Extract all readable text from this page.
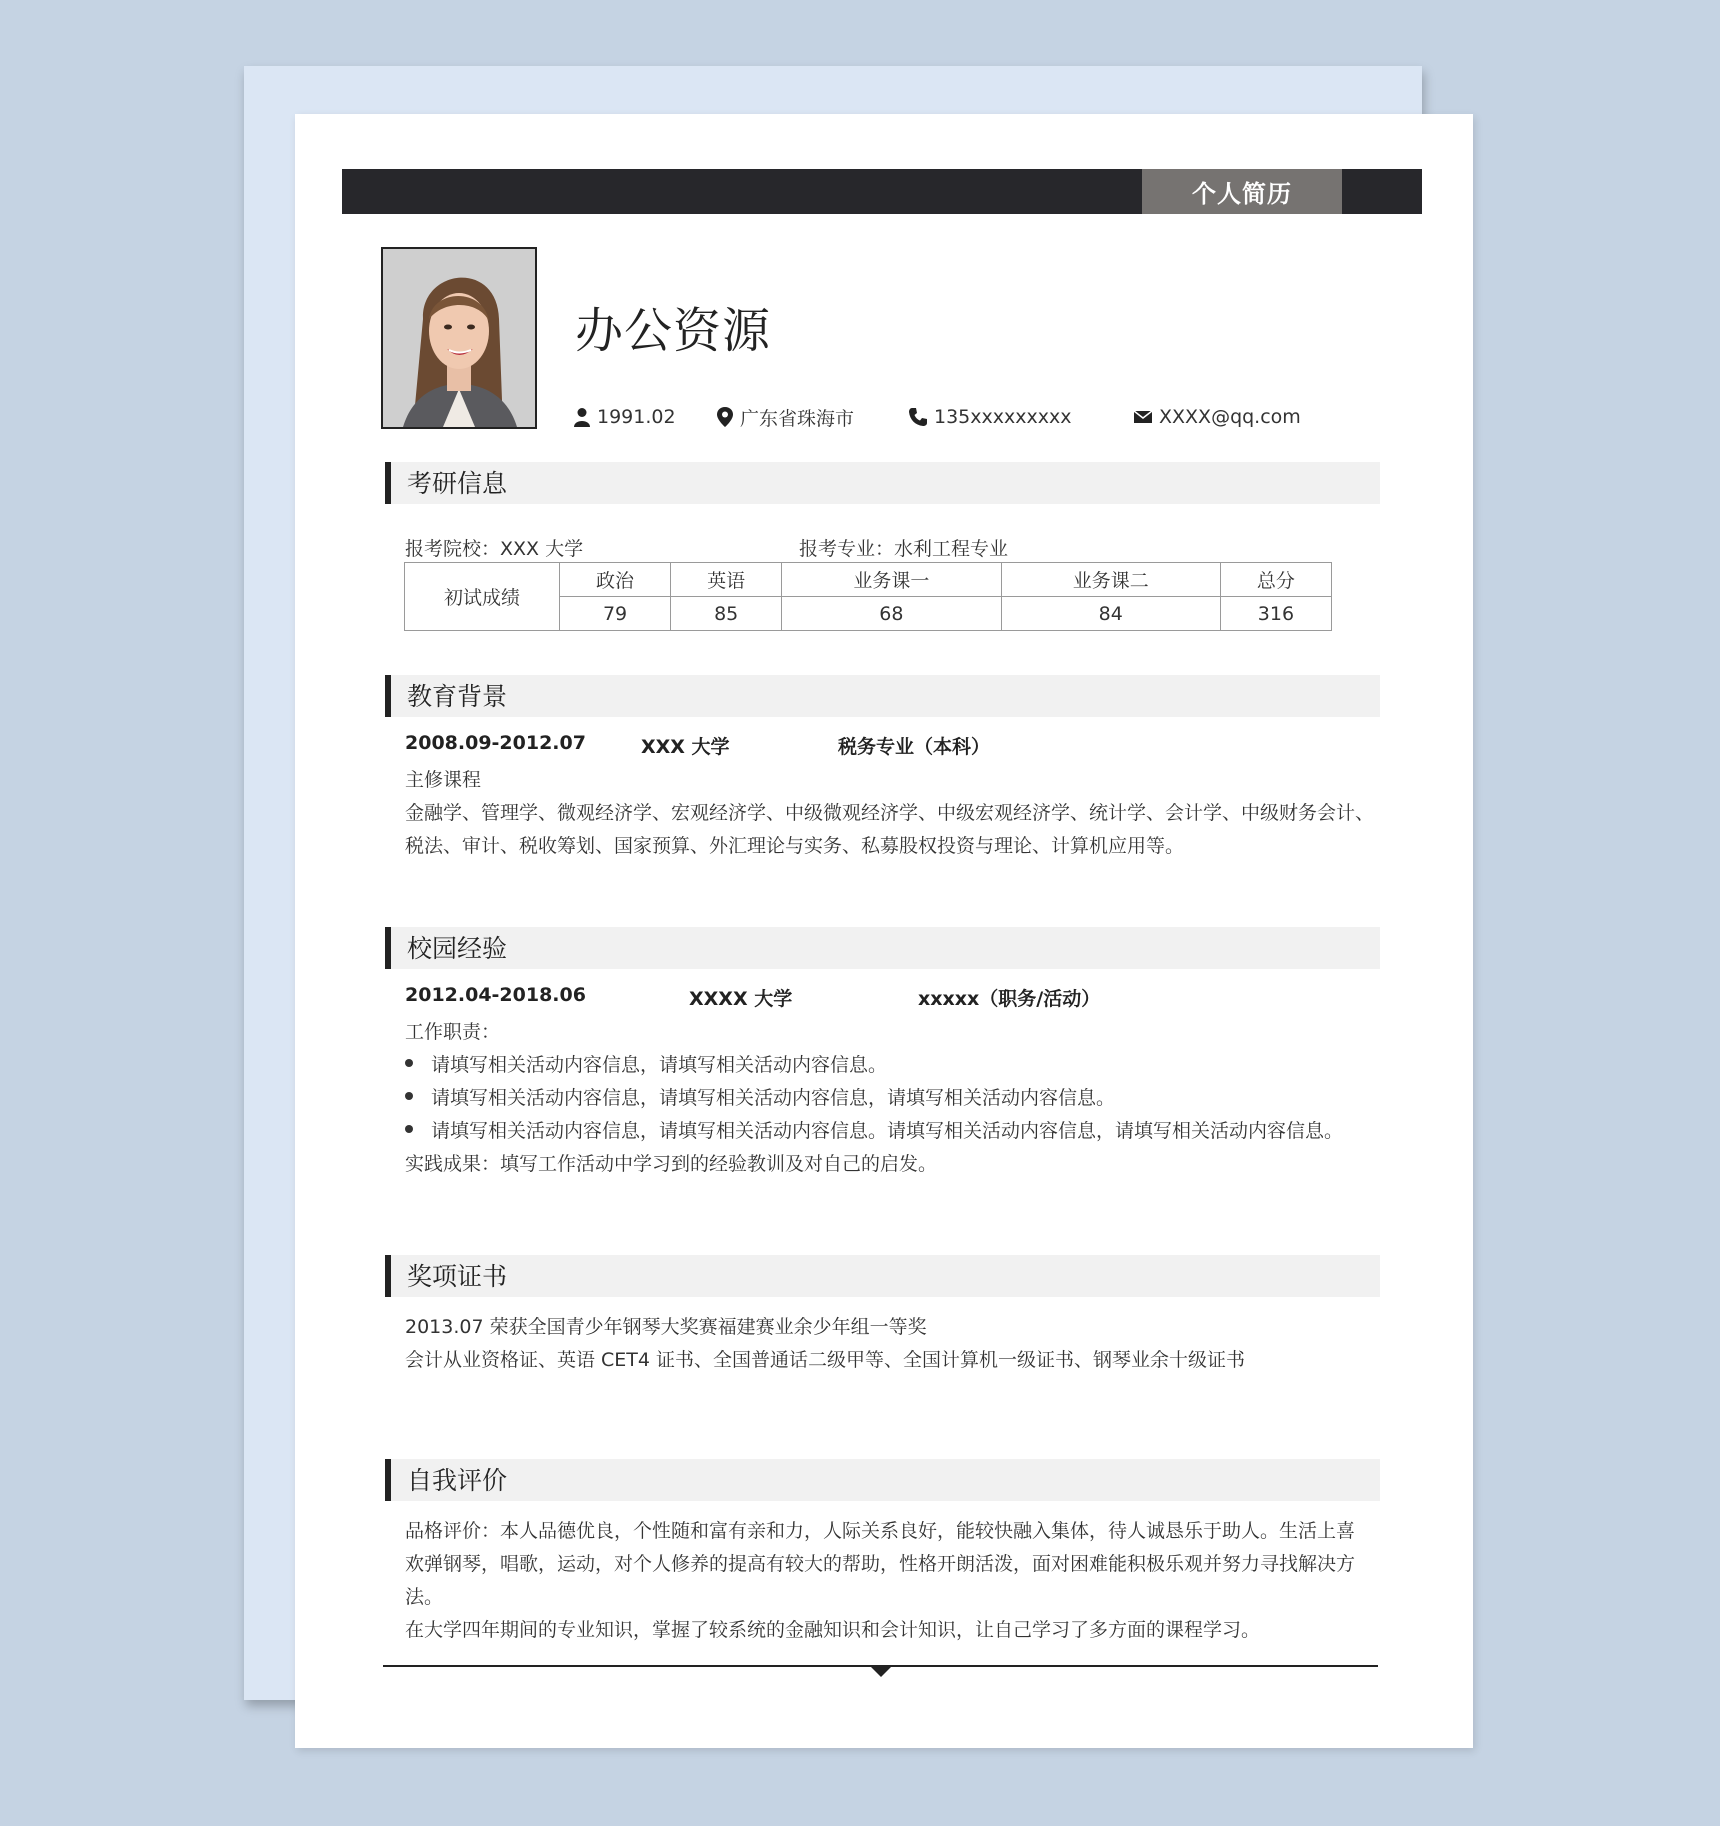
个人简历
办公资源
1991.02	广东省珠海市	135xxxxxxxxx	XXXX@qq.com
考研信息
报考院校：XXX 大学	报考专业：水利工程专业
初试成绩	政治	英语	业务课一	业务课二	总分
	79	85	68	84	316
教育背景
2008.09-2012.07	XXX 大学	税务专业（本科）
主修课程
金融学、管理学、微观经济学、宏观经济学、中级微观经济学、中级宏观经济学、统计学、会计学、中级财务会计、
税法、审计、税收筹划、国家预算、外汇理论与实务、私募股权投资与理论、计算机应用等。
校园经验
2012.04-2018.06	XXXX 大学	xxxxx（职务/活动）
工作职责：
请填写相关活动内容信息，请填写相关活动内容信息。
请填写相关活动内容信息，请填写相关活动内容信息，请填写相关活动内容信息。
请填写相关活动内容信息，请填写相关活动内容信息。请填写相关活动内容信息，请填写相关活动内容信息。
实践成果：填写工作活动中学习到的经验教训及对自己的启发。
奖项证书
2013.07 荣获全国青少年钢琴大奖赛福建赛业余少年组一等奖
会计从业资格证、英语 CET4 证书、全国普通话二级甲等、全国计算机一级证书、钢琴业余十级证书
自我评价
品格评价：本人品德优良，个性随和富有亲和力，人际关系良好，能较快融入集体，待人诚恳乐于助人。生活上喜
欢弹钢琴，唱歌，运动，对个人修养的提高有较大的帮助，性格开朗活泼，面对困难能积极乐观并努力寻找解决方
法。
在大学四年期间的专业知识，掌握了较系统的金融知识和会计知识，让自己学习了多方面的课程学习。
